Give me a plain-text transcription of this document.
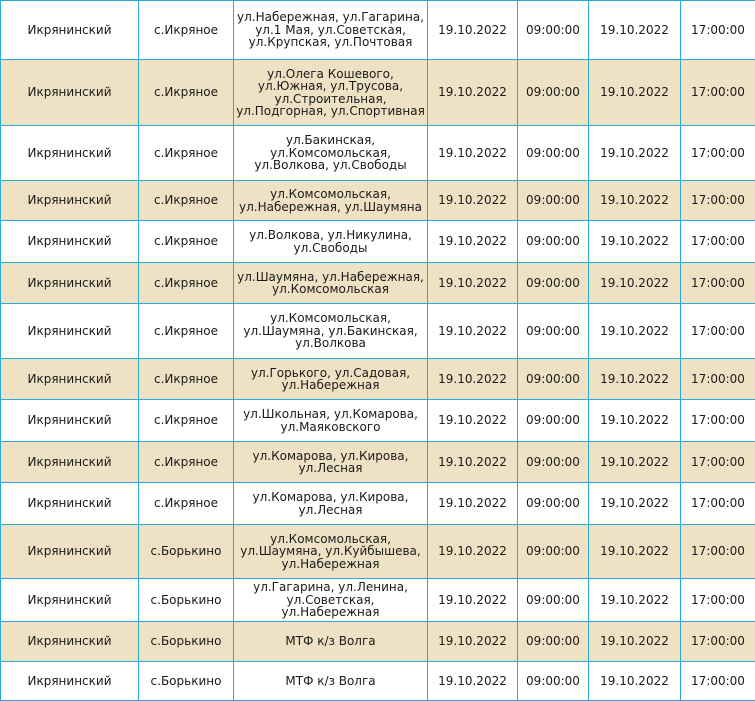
Икрянинский	с.Икряное	ул.Набережная, ул.Гагарина,
ул.1 Мая, ул.Советская,
ул.Крупская, ул.Почтовая	19.10.2022	09:00:00	19.10.2022	17:00:00
Икрянинский	с.Икряное	ул.Олега Кошевого,
ул.Южная, ул.Трусова,
ул.Строительная,
ул.Подгорная, ул.Спортивная	19.10.2022	09:00:00	19.10.2022	17:00:00
Икрянинский	с.Икряное	ул.Бакинская,
ул.Комсомольская,
ул.Волкова, ул.Свободы	19.10.2022	09:00:00	19.10.2022	17:00:00
Икрянинский	с.Икряное	ул.Комсомольская,
ул.Набережная, ул.Шаумяна	19.10.2022	09:00:00	19.10.2022	17:00:00
Икрянинский	с.Икряное	ул.Волкова, ул.Никулина,
ул.Свободы	19.10.2022	09:00:00	19.10.2022	17:00:00
Икрянинский	с.Икряное	ул.Шаумяна, ул.Набережная,
ул.Комсомольская	19.10.2022	09:00:00	19.10.2022	17:00:00
Икрянинский	с.Икряное	ул.Комсомольская,
ул.Шаумяна, ул.Бакинская,
ул.Волкова	19.10.2022	09:00:00	19.10.2022	17:00:00
Икрянинский	с.Икряное	ул.Горького, ул.Садовая,
ул.Набережная	19.10.2022	09:00:00	19.10.2022	17:00:00
Икрянинский	с.Икряное	ул.Школьная, ул.Комарова,
ул.Маяковского	19.10.2022	09:00:00	19.10.2022	17:00:00
Икрянинский	с.Икряное	ул.Комарова, ул.Кирова,
ул.Лесная	19.10.2022	09:00:00	19.10.2022	17:00:00
Икрянинский	с.Икряное	ул.Комарова, ул.Кирова,
ул.Лесная	19.10.2022	09:00:00	19.10.2022	17:00:00
Икрянинский	с.Борькино	ул.Комсомольская,
ул.Шаумяна, ул.Куйбышева,
ул.Набережная	19.10.2022	09:00:00	19.10.2022	17:00:00
Икрянинский	с.Борькино	ул.Гагарина, ул.Ленина,
ул.Советская, ул.Набережная	19.10.2022	09:00:00	19.10.2022	17:00:00
Икрянинский	с.Борькино	МТФ к/з Волга	19.10.2022	09:00:00	19.10.2022	17:00:00
Икрянинский	с.Борькино	МТФ к/з Волга	19.10.2022	09:00:00	19.10.2022	17:00:00
